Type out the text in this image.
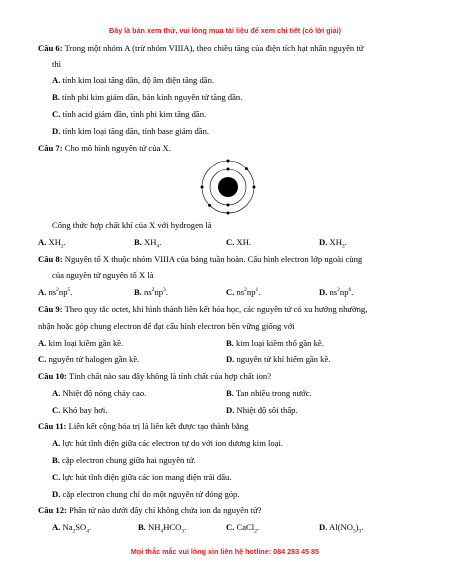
Đây là bản xem thử, vui lòng mua tài liệu để xem chi tiết (có lời giải)
Câu 6: Trong một nhóm A (trừ nhóm VIIIA), theo chiều tăng của điện tích hạt nhân nguyên tử
thì
A. tính kim loại tăng dần, độ âm điện tăng dần.
B. tính phi kim giảm dần, bán kính nguyên tử tăng dần.
C. tính acid giảm dần, tính phi kim tăng dần.
D. tính kim loại tăng dần, tính base giảm dần.
Câu 7: Cho mô hình nguyên tử của X.
Công thức hợp chất khí của X với hydrogen là
A. $XH_2$.	B. $XH_4$.	C. XH.	D. $XH_3$.
Câu 8: Nguyên tố X thuộc nhóm VIIIA của bảng tuần hoàn. Cấu hình electron lớp ngoài cùng
của nguyên tử nguyên tố X là
A. $ns^2np^5$.	B. $ns^2np^3$.	C. $ns^2np^1$.	D. $ns^2np^6$.
Câu 9: Theo quy tắc octet, khi hình thành liên kết hóa học, các nguyên tử có xu hướng nhường,
nhận hoặc góp chung electron để đạt cấu hình electron bền vững giống với
A. kim loại kiềm gần kề.	B. kim loại kiềm thổ gần kề.
C. nguyên tử halogen gần kề.	D. nguyên tử khí hiếm gần kề.
Câu 10: Tính chất nào sau đây không là tính chất của hợp chất ion?
A. Nhiệt độ nóng chảy cao.	B. Tan nhiều trong nước.
C. Khó bay hơi.	D. Nhiệt độ sôi thấp.
Câu 11: Liên kết cộng hóa trị là liên kết được tạo thành bằng
A. lực hút tĩnh điện giữa các electron tự do với ion dương kim loại.
B. cặp electron chung giữa hai nguyên tử.
C. lực hút tĩnh điện giữa các ion mang điện trái dấu.
D. cặp electron chung chỉ do một nguyên tử đóng góp.
Câu 12: Phân tử nào dưới đây chỉ không chứa ion đa nguyên tử?
A. $Na_2SO_4$.	B. $NH_4HCO_3$.	C. CaCl$_2$.	D. $Al(NO_3)_3$.
Mọi thắc mắc vui lòng xin liên hệ hotline: 084 283 45 85
